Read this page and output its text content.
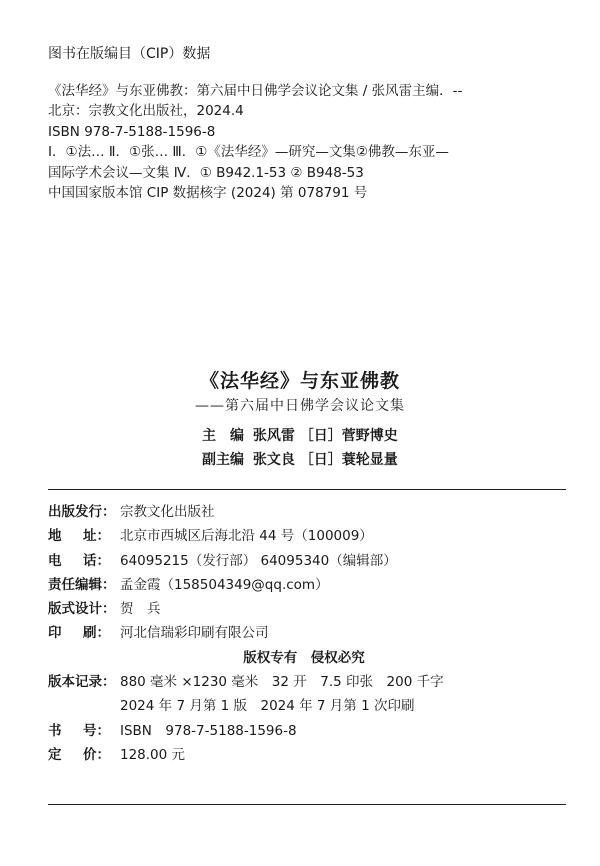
图书在版编目（CIP）数据
《法华经》与东亚佛教：第六届中日佛学会议论文集 / 张风雷主编．--
北京：宗教文化出版社，2024.4
ISBN 978-7-5188-1596-8
Ⅰ．①法… Ⅱ．①张… Ⅲ．①《法华经》—研究—文集②佛教—东亚—
国际学术会议—文集 Ⅳ．① B942.1-53 ② B948-53
中国国家版本馆 CIP 数据核字 (2024) 第 078791 号
《法华经》与东亚佛教
——第六届中日佛学会议论文集
主　编 张风雷 ［日］菅野博史
副主编 张文良 ［日］蓑轮显量
出版发行： 宗教文化出版社
地 址： 北京市西城区后海北沿 44 号（100009）
电 话： 64095215（发行部） 64095340（编辑部）
责任编辑： 孟金霞（158504349@qq.com）
版式设计： 贺　兵
印 刷： 河北信瑞彩印刷有限公司
版权专有　侵权必究
版本记录： 880 毫米 ×1230 毫米　32 开　7.5 印张　200 千字
2024 年 7 月第 1 版　2024 年 7 月第 1 次印刷
书 号： ISBN　978-7-5188-1596-8
定 价： 128.00 元
